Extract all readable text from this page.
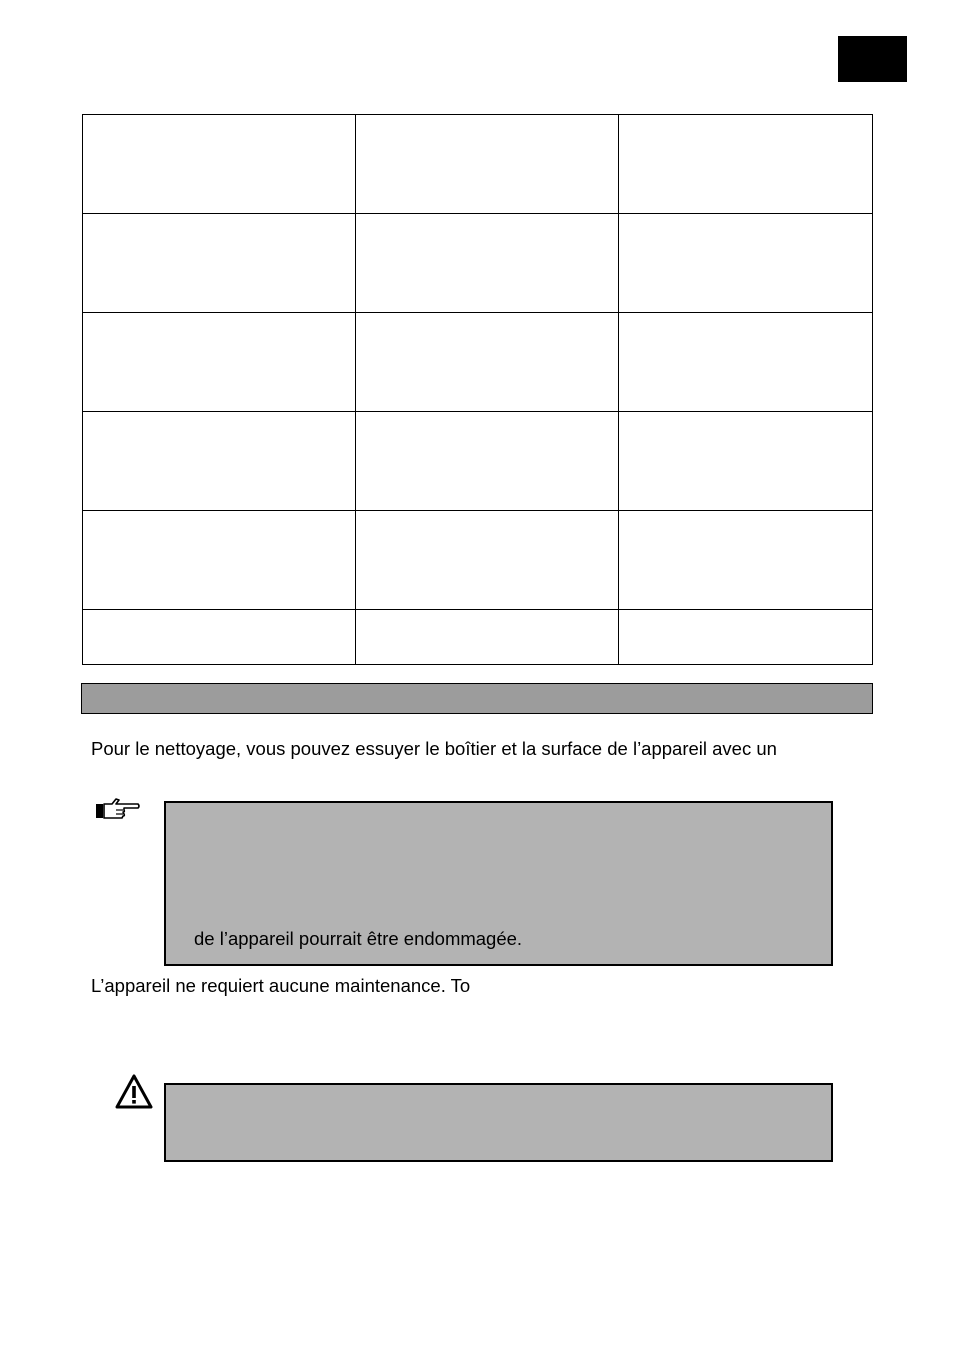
Pour le nettoyage, vous pouvez essuyer le boîtier et la surface de l’appareil avec un
de l’appareil pourrait être endommagée.
L’appareil ne requiert aucune maintenance. To
